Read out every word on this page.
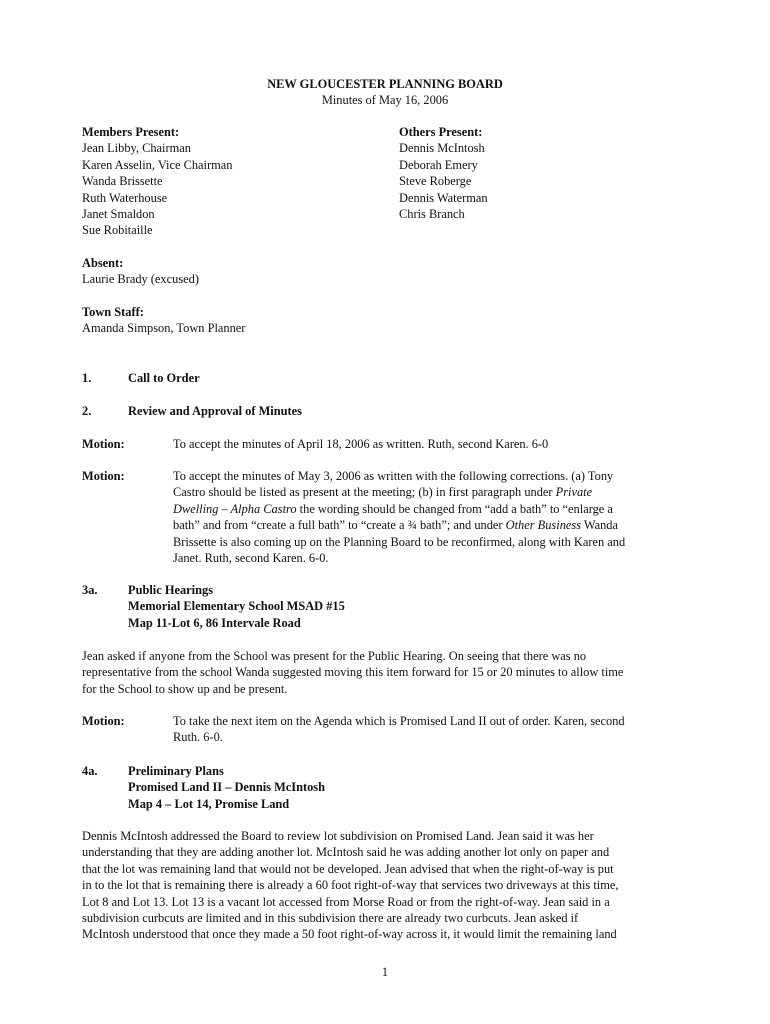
NEW GLOUCESTER PLANNING BOARD
Minutes of May 16, 2006
Members Present:
Jean Libby, Chairman
Karen Asselin, Vice Chairman
Wanda Brissette
Ruth Waterhouse
Janet Smaldon
Sue Robitaille
Others Present:
Dennis McIntosh
Deborah Emery
Steve Roberge
Dennis Waterman
Chris Branch
Absent:
Laurie Brady (excused)
Town Staff:
Amanda Simpson, Town Planner
1.	Call to Order
2.	Review and Approval of Minutes
Motion:	To accept the minutes of April 18, 2006 as written. Ruth, second Karen. 6-0
Motion:	To accept the minutes of May 3, 2006 as written with the following corrections. (a) Tony
Castro should be listed as present at the meeting; (b) in first paragraph under Private
Dwelling – Alpha Castro the wording should be changed from “add a bath” to “enlarge a
bath” and from “create a full bath” to “create a ¾ bath”; and under Other Business Wanda
Brissette is also coming up on the Planning Board to be reconfirmed, along with Karen and
Janet. Ruth, second Karen. 6-0.
3a. Public Hearings
Memorial Elementary School MSAD #15
Map 11-Lot 6, 86 Intervale Road
Jean asked if anyone from the School was present for the Public Hearing. On seeing that there was no
representative from the school Wanda suggested moving this item forward for 15 or 20 minutes to allow time
for the School to show up and be present.
Motion:	To take the next item on the Agenda which is Promised Land II out of order. Karen, second
Ruth. 6-0.
4a. Preliminary Plans
Promised Land II – Dennis McIntosh
Map 4 – Lot 14, Promise Land
Dennis McIntosh addressed the Board to review lot subdivision on Promised Land. Jean said it was her
understanding that they are adding another lot. McIntosh said he was adding another lot only on paper and
that the lot was remaining land that would not be developed. Jean advised that when the right-of-way is put
in to the lot that is remaining there is already a 60 foot right-of-way that services two driveways at this time,
Lot 8 and Lot 13. Lot 13 is a vacant lot accessed from Morse Road or from the right-of-way. Jean said in a
subdivision curbcuts are limited and in this subdivision there are already two curbcuts. Jean asked if
McIntosh understood that once they made a 50 foot right-of-way across it, it would limit the remaining land
1
